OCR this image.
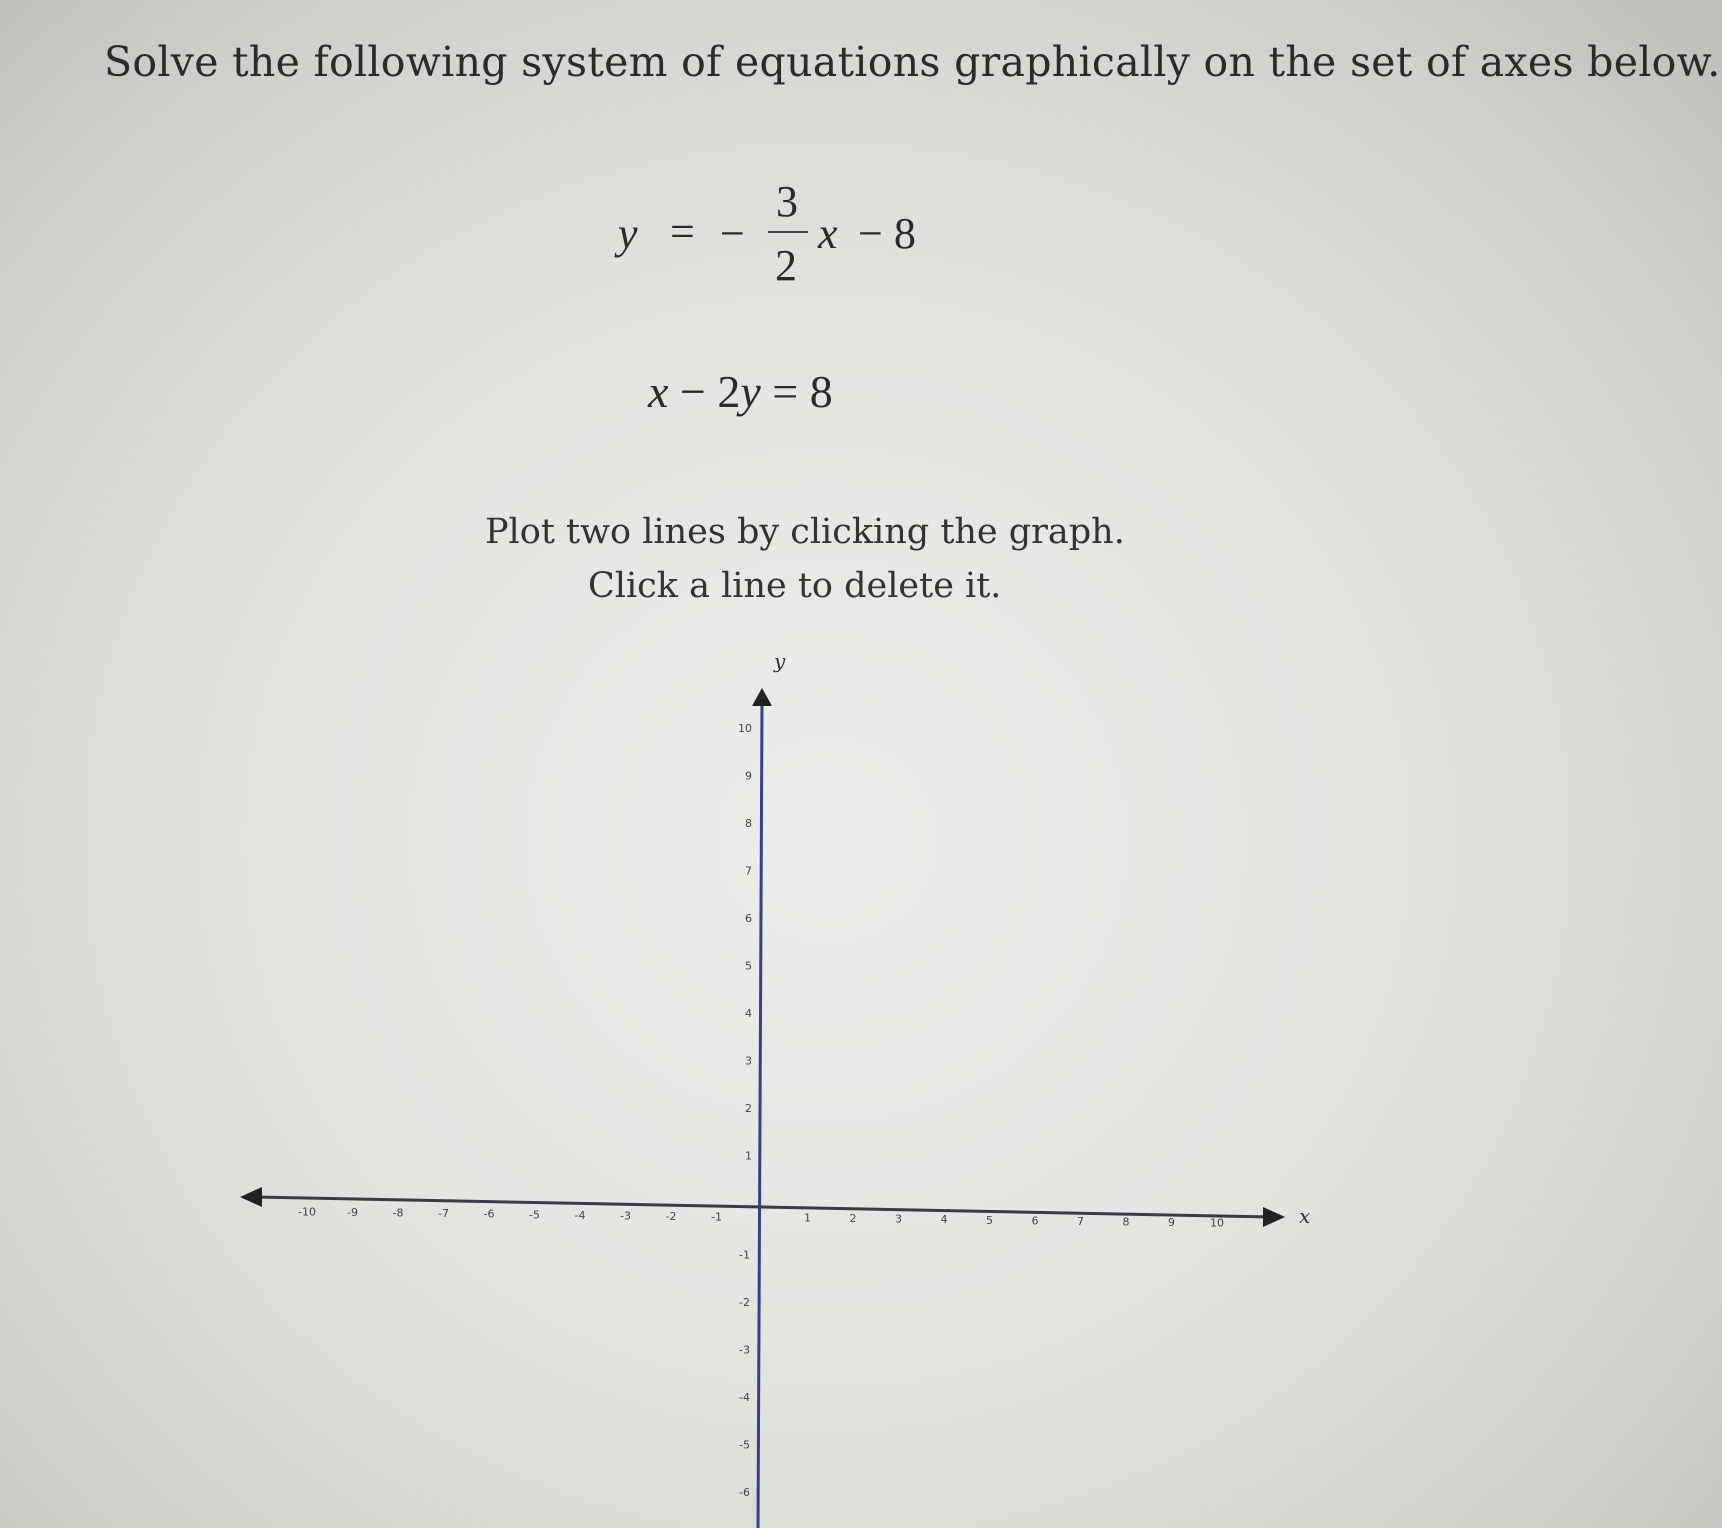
Solve the following system of equations graphically on the set of axes below.
y = −
3
2
x − 8
x − 2y = 8
Plot two lines by clicking the graph.
Click a line to delete it.
x
y
-10	-9	-8	-7	-6	-5	-4	-3	-2	-1	1	2	3	4	5	6	7	8	9	10
1
2
3
4
5
6
7
8
9
10
-1
-2
-3
-4
-5
-6
